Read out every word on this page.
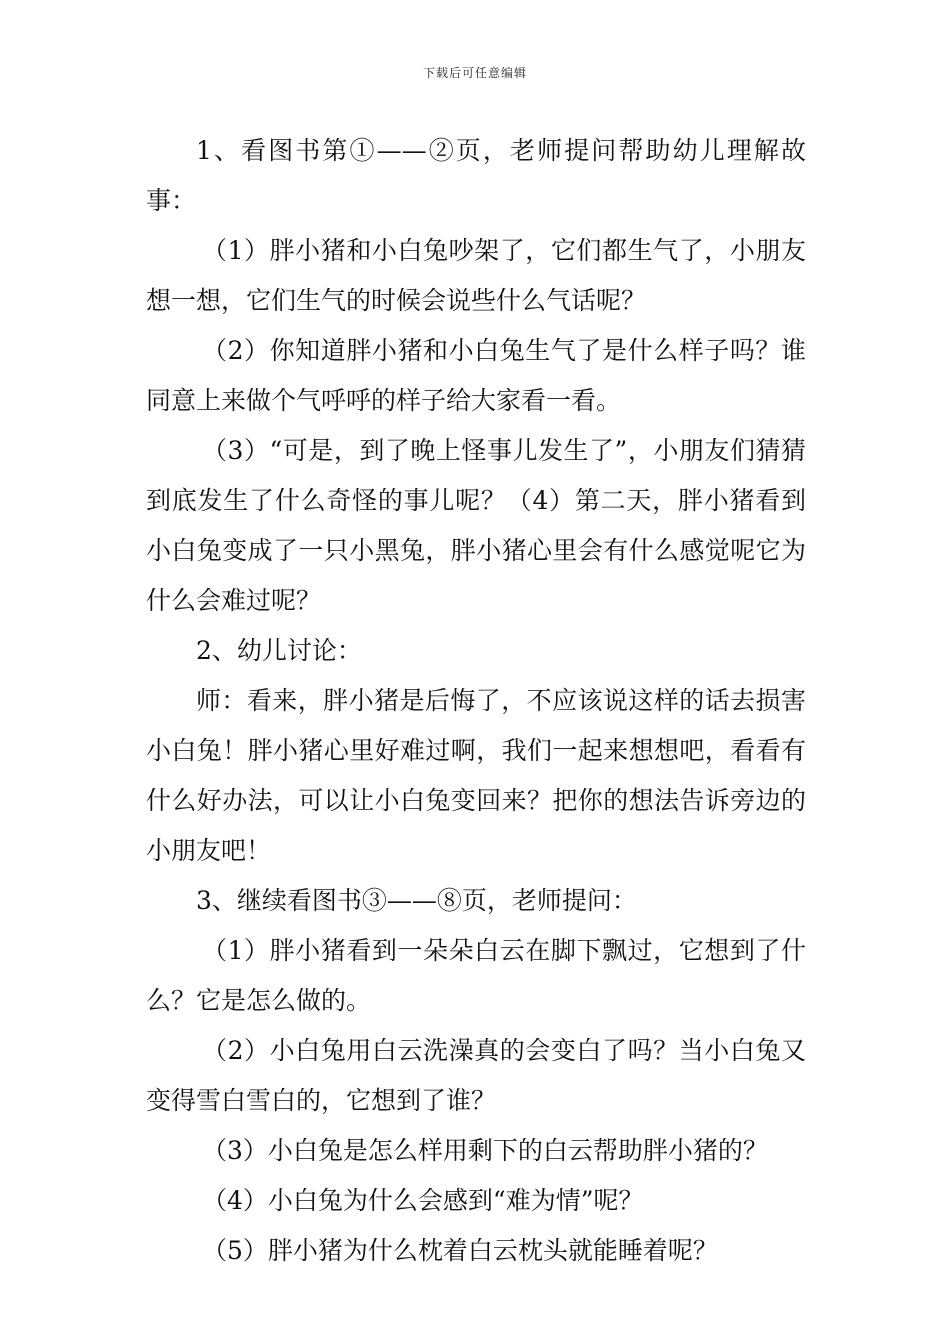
下载后可任意编辑

1、看图书第①——②页，老师提问帮助幼儿理解故事：

（1）胖小猪和小白兔吵架了，它们都生气了，小朋友想一想，它们生气的时候会说些什么气话呢？

（2）你知道胖小猪和小白兔生气了是什么样子吗？谁同意上来做个气呼呼的样子给大家看一看。

（3）“可是，到了晚上怪事儿发生了”，小朋友们猜猜到底发生了什么奇怪的事儿呢？（4）第二天，胖小猪看到小白兔变成了一只小黑兔，胖小猪心里会有什么感觉呢它为什么会难过呢？

2、幼儿讨论：

师：看来，胖小猪是后悔了，不应该说这样的话去损害小白兔！胖小猪心里好难过啊，我们一起来想想吧，看看有什么好办法，可以让小白兔变回来？把你的想法告诉旁边的小朋友吧！

3、继续看图书③——⑧页，老师提问：

（1）胖小猪看到一朵朵白云在脚下飘过，它想到了什么？它是怎么做的。

（2）小白兔用白云洗澡真的会变白了吗？当小白兔又变得雪白雪白的，它想到了谁？

（3）小白兔是怎么样用剩下的白云帮助胖小猪的？

（4）小白兔为什么会感到“难为情”呢？

（5）胖小猪为什么枕着白云枕头就能睡着呢？
